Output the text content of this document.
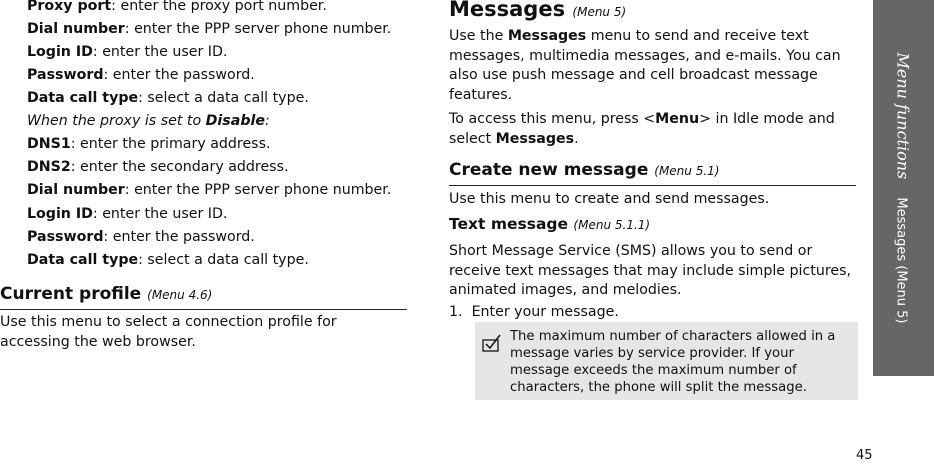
Proxy port: enter the proxy port number.
Dial number: enter the PPP server phone number.
Login ID: enter the user ID.
Password: enter the password.
Data call type: select a data call type.
When the proxy is set to Disable:
DNS1: enter the primary address.
DNS2: enter the secondary address.
Dial number: enter the PPP server phone number.
Login ID: enter the user ID.
Password: enter the password.
Data call type: select a data call type.
Current profile (Menu 4.6)
Use this menu to select a connection profile for accessing the web browser.
Messages (Menu 5)
Use the Messages menu to send and receive text messages, multimedia messages, and e-mails. You can also use push message and cell broadcast message features.
To access this menu, press <Menu> in Idle mode and select Messages.
Create new message (Menu 5.1)
Use this menu to create and send messages.
Text message (Menu 5.1.1)
Short Message Service (SMS) allows you to send or receive text messages that may include simple pictures, animated images, and melodies.
1. Enter your message.
The maximum number of characters allowed in a message varies by service provider. If your message exceeds the maximum number of characters, the phone will split the message.
Menu functions Messages (Menu 5)
45
